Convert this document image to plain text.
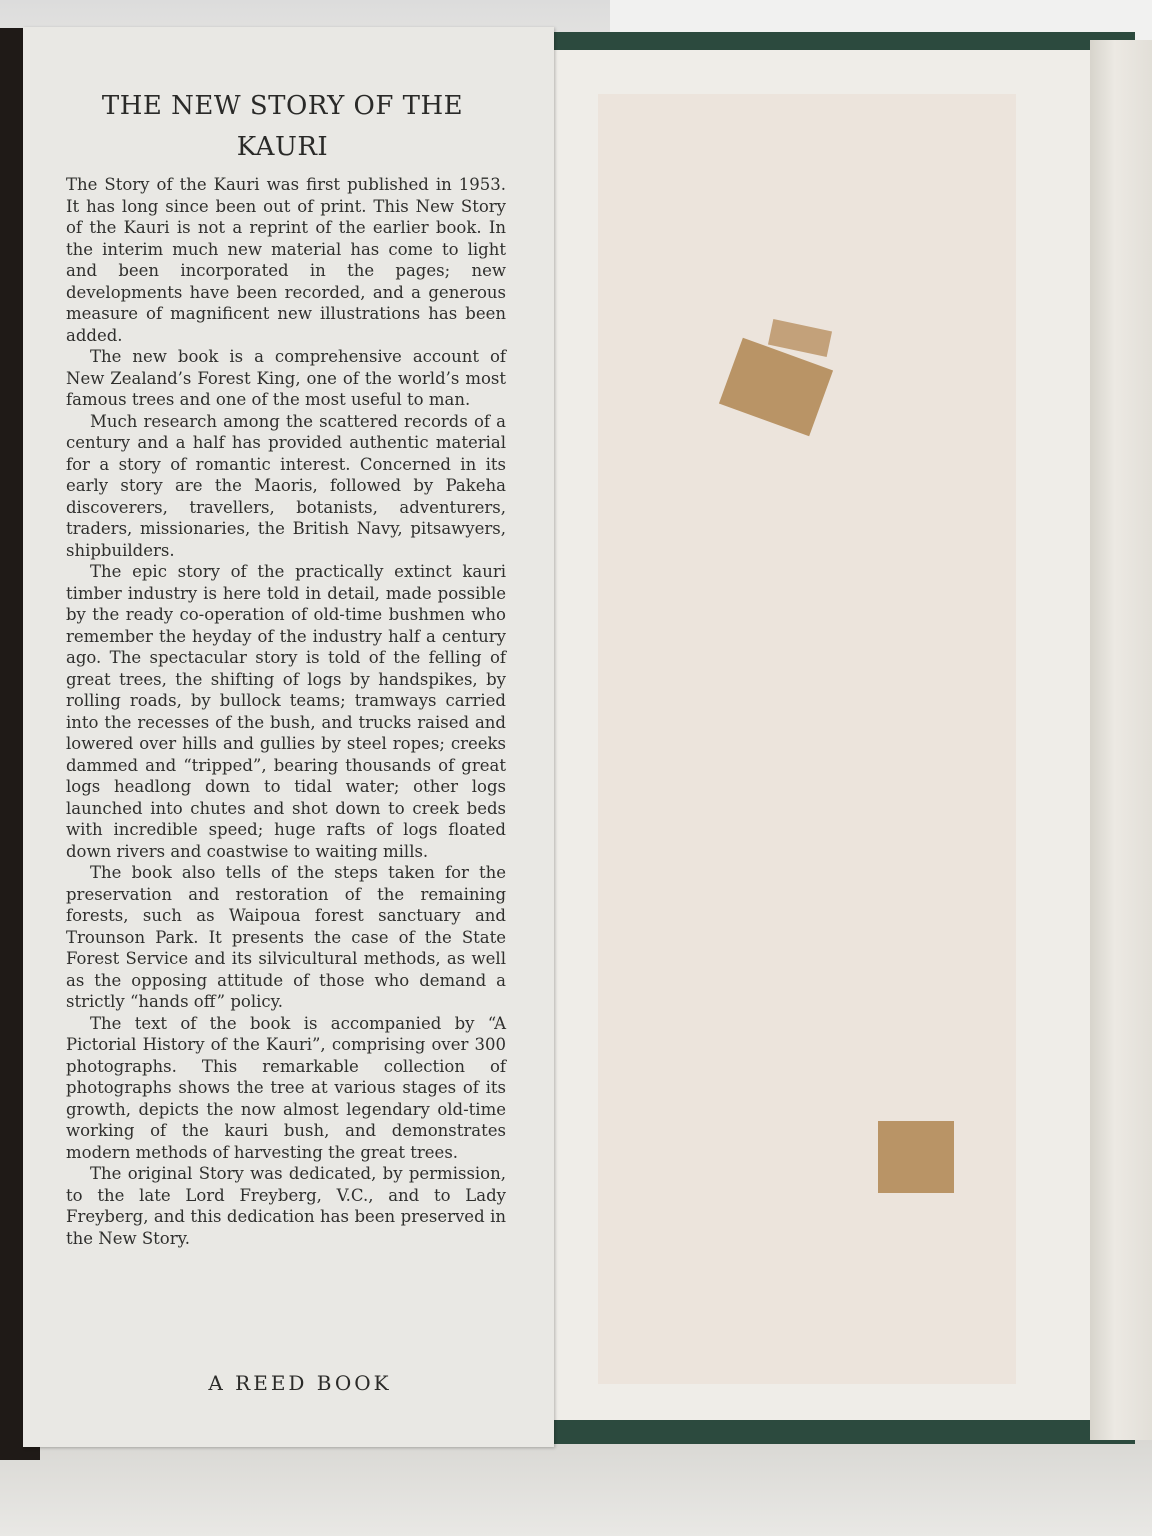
THE NEW STORY OF THE KAURI

The Story of the Kauri was first published in 1953. It has long since been out of print. This New Story of the Kauri is not a reprint of the earlier book. In the interim much new material has come to light and been incorporated in the pages; new developments have been recorded, and a generous measure of magnificent new illustrations has been added.

The new book is a comprehensive account of New Zealand’s Forest King, one of the world’s most famous trees and one of the most useful to man.

Much research among the scattered records of a century and a half has provided authentic material for a story of romantic interest. Concerned in its early story are the Maoris, followed by Pakeha discoverers, travellers, botanists, adventurers, traders, missionaries, the British Navy, pitsawyers, shipbuilders.

The epic story of the practically extinct kauri timber industry is here told in detail, made possible by the ready co-operation of old-time bushmen who remember the heyday of the industry half a century ago. The spectacular story is told of the felling of great trees, the shifting of logs by handspikes, by rolling roads, by bullock teams; tramways carried into the recesses of the bush, and trucks raised and lowered over hills and gullies by steel ropes; creeks dammed and “tripped”, bearing thousands of great logs headlong down to tidal water; other logs launched into chutes and shot down to creek beds with incredible speed; huge rafts of logs floated down rivers and coastwise to waiting mills.

The book also tells of the steps taken for the preservation and restoration of the remaining forests, such as Waipoua forest sanctuary and Trounson Park. It presents the case of the State Forest Service and its silvicultural methods, as well as the opposing attitude of those who demand a strictly “hands off” policy.

The text of the book is accompanied by “A Pictorial History of the Kauri”, comprising over 300 photographs. This remarkable collection of photographs shows the tree at various stages of its growth, depicts the now almost legendary old-time working of the kauri bush, and demonstrates modern methods of harvesting the great trees.

The original Story was dedicated, by permission, to the late Lord Freyberg, V.C., and to Lady Freyberg, and this dedication has been preserved in the New Story.

A REED BOOK
